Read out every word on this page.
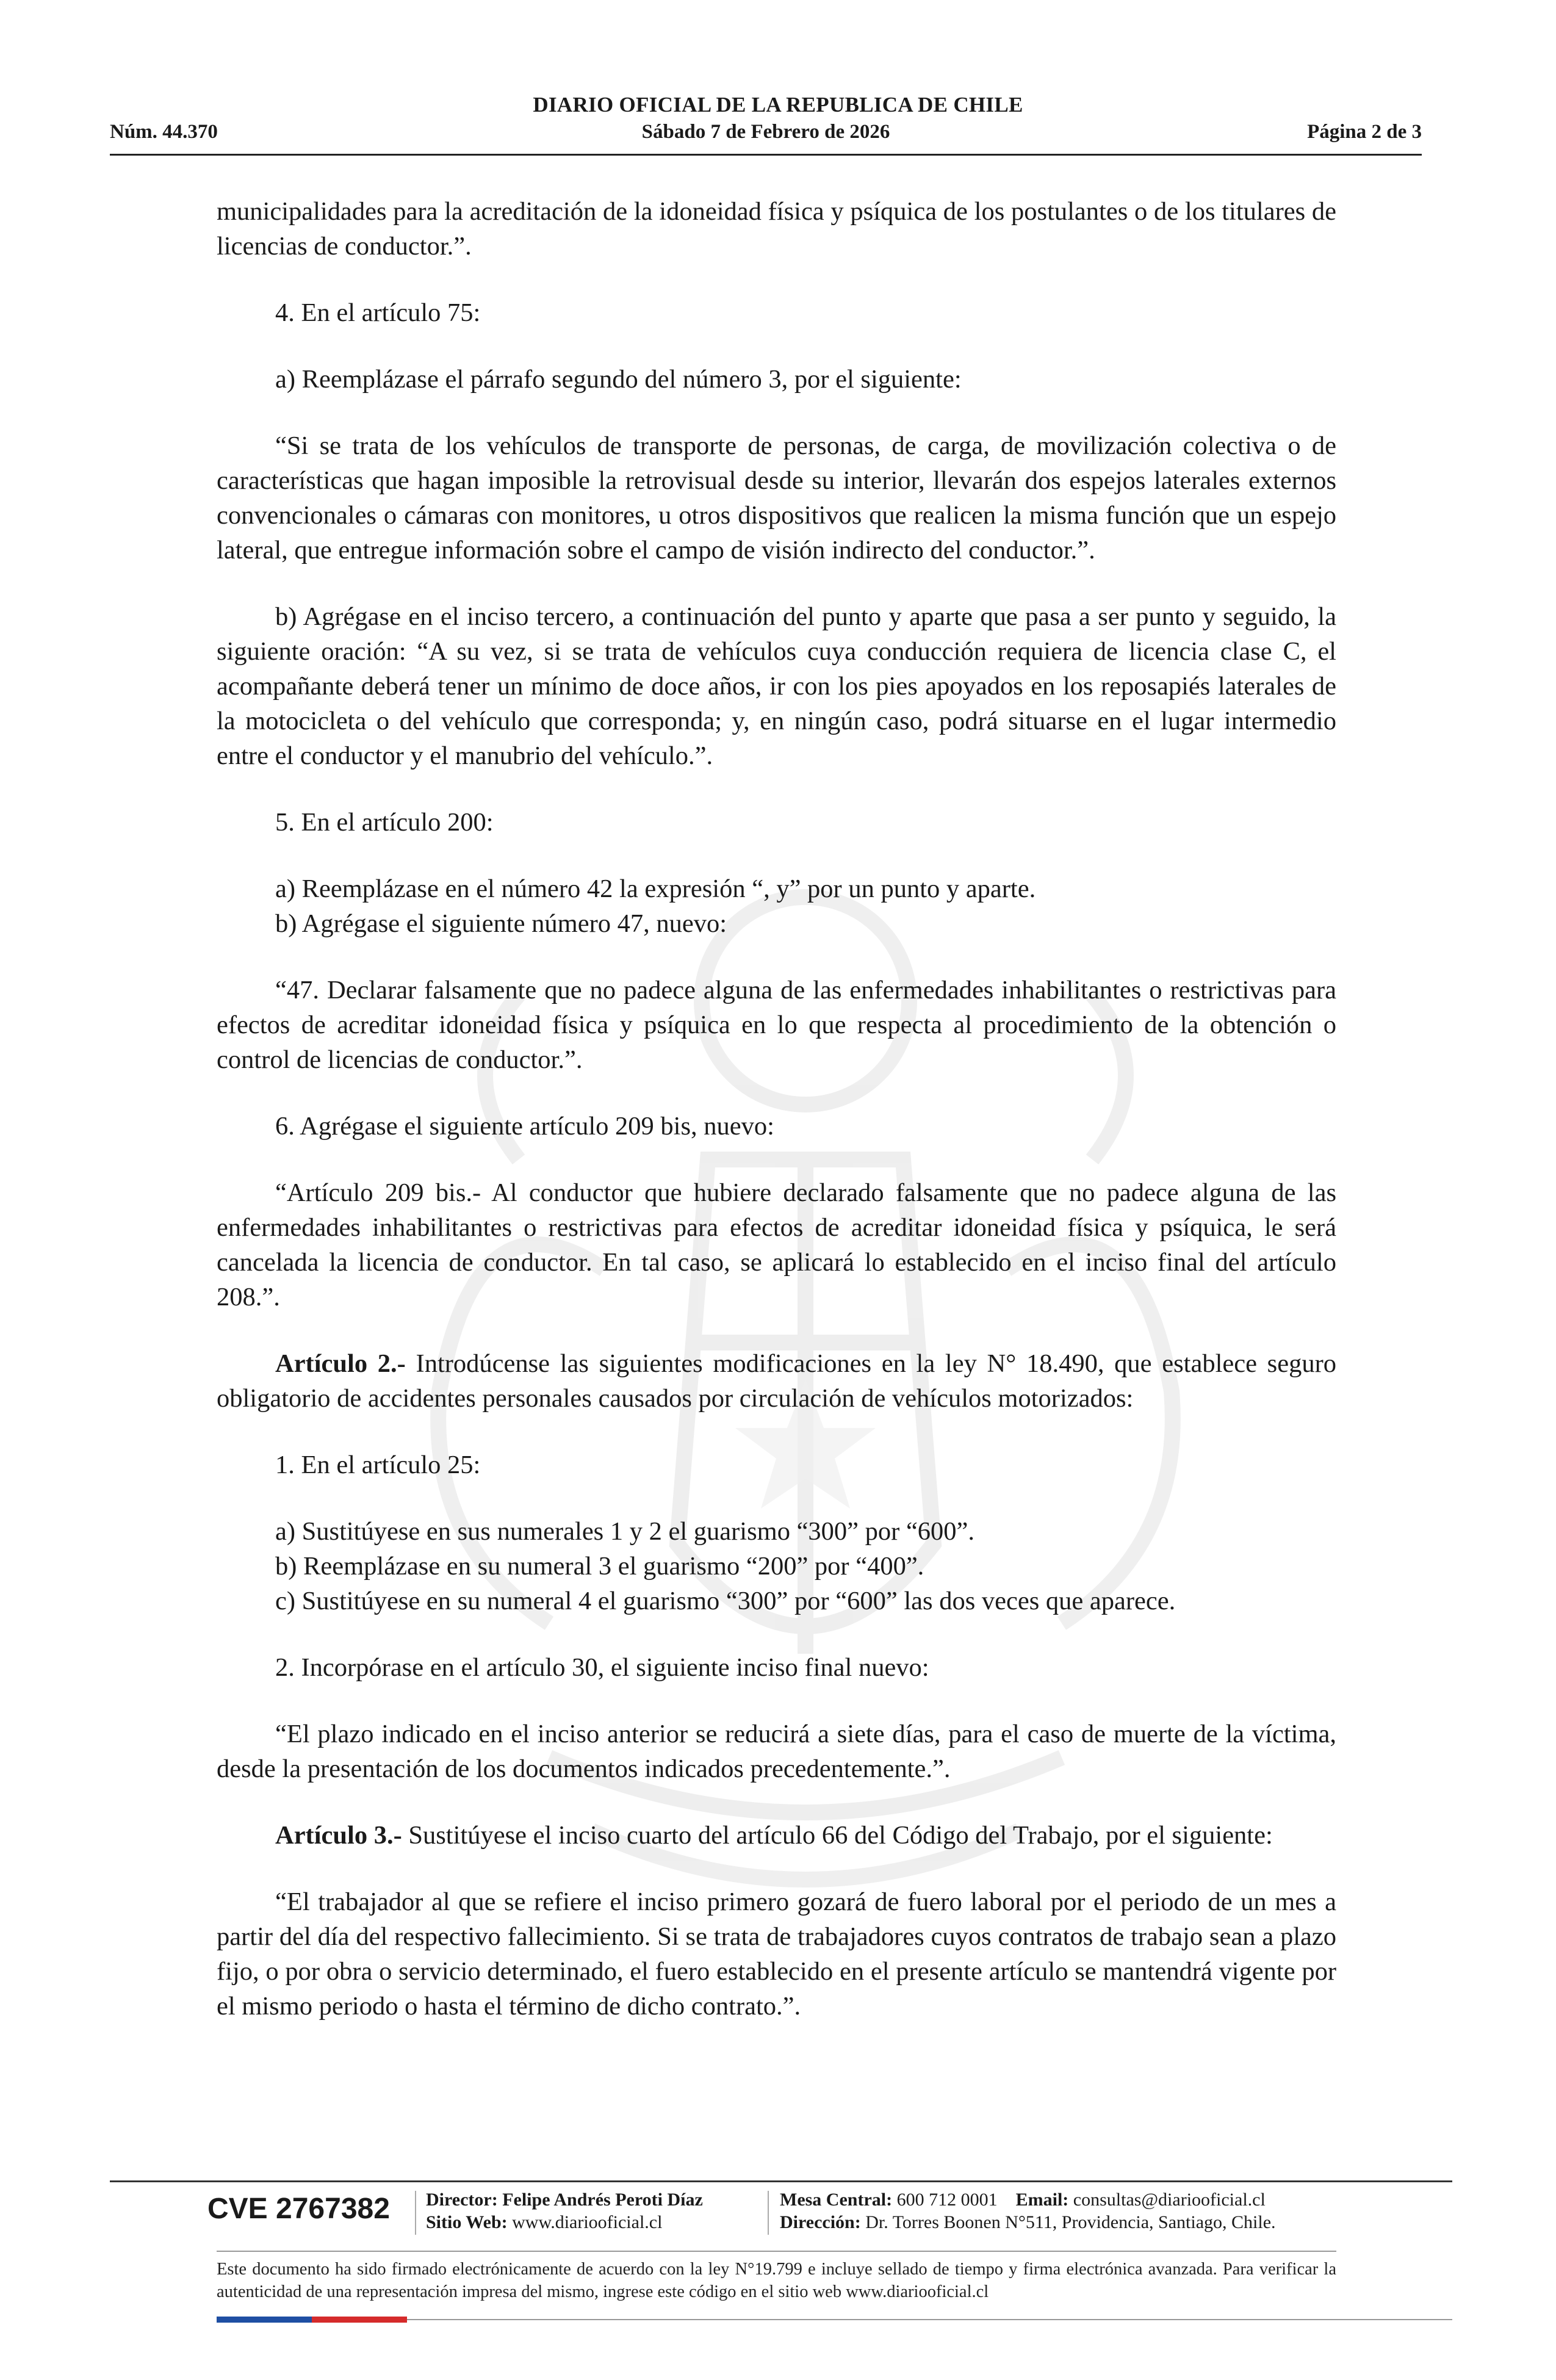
DIARIO OFICIAL DE LA REPUBLICA DE CHILE
Núm. 44.370	Sábado 7 de Febrero de 2026	Página 2 de 3

municipalidades para la acreditación de la idoneidad física y psíquica de los postulantes o de los titulares de licencias de conductor.”.

4. En el artículo 75:

a) Reemplázase el párrafo segundo del número 3, por el siguiente:

“Si se trata de los vehículos de transporte de personas, de carga, de movilización colectiva o de características que hagan imposible la retrovisual desde su interior, llevarán dos espejos laterales externos convencionales o cámaras con monitores, u otros dispositivos que realicen la misma función que un espejo lateral, que entregue información sobre el campo de visión indirecto del conductor.”.

b) Agrégase en el inciso tercero, a continuación del punto y aparte que pasa a ser punto y seguido, la siguiente oración: “A su vez, si se trata de vehículos cuya conducción requiera de licencia clase C, el acompañante deberá tener un mínimo de doce años, ir con los pies apoyados en los reposapiés laterales de la motocicleta o del vehículo que corresponda; y, en ningún caso, podrá situarse en el lugar intermedio entre el conductor y el manubrio del vehículo.”.

5. En el artículo 200:

a) Reemplázase en el número 42 la expresión “, y” por un punto y aparte.

b) Agrégase el siguiente número 47, nuevo:

“47. Declarar falsamente que no padece alguna de las enfermedades inhabilitantes o restrictivas para efectos de acreditar idoneidad física y psíquica en lo que respecta al procedimiento de la obtención o control de licencias de conductor.”.

6. Agrégase el siguiente artículo 209 bis, nuevo:

“Artículo 209 bis.- Al conductor que hubiere declarado falsamente que no padece alguna de las enfermedades inhabilitantes o restrictivas para efectos de acreditar idoneidad física y psíquica, le será cancelada la licencia de conductor. En tal caso, se aplicará lo establecido en el inciso final del artículo 208.”.

Artículo 2.- Introdúcense las siguientes modificaciones en la ley N° 18.490, que establece seguro obligatorio de accidentes personales causados por circulación de vehículos motorizados:

1. En el artículo 25:

a) Sustitúyese en sus numerales 1 y 2 el guarismo “300” por “600”.

b) Reemplázase en su numeral 3 el guarismo “200” por “400”.

c) Sustitúyese en su numeral 4 el guarismo “300” por “600” las dos veces que aparece.

2. Incorpórase en el artículo 30, el siguiente inciso final nuevo:

“El plazo indicado en el inciso anterior se reducirá a siete días, para el caso de muerte de la víctima, desde la presentación de los documentos indicados precedentemente.”.

Artículo 3.- Sustitúyese el inciso cuarto del artículo 66 del Código del Trabajo, por el siguiente:

“El trabajador al que se refiere el inciso primero gozará de fuero laboral por el periodo de un mes a partir del día del respectivo fallecimiento. Si se trata de trabajadores cuyos contratos de trabajo sean a plazo fijo, o por obra o servicio determinado, el fuero establecido en el presente artículo se mantendrá vigente por el mismo periodo o hasta el término de dicho contrato.”.

CVE 2767382 Director: Felipe Andrés Peroti Díaz
Sitio Web: www.diariooficial.cl
Mesa Central: 600 712 0001 Email: consultas@diariooficial.cl
Dirección: Dr. Torres Boonen N°511, Providencia, Santiago, Chile.
Este documento ha sido firmado electrónicamente de acuerdo con la ley N°19.799 e incluye sellado de tiempo y firma electrónica avanzada. Para verificar la autenticidad de una representación impresa del mismo, ingrese este código en el sitio web www.diariooficial.cl
